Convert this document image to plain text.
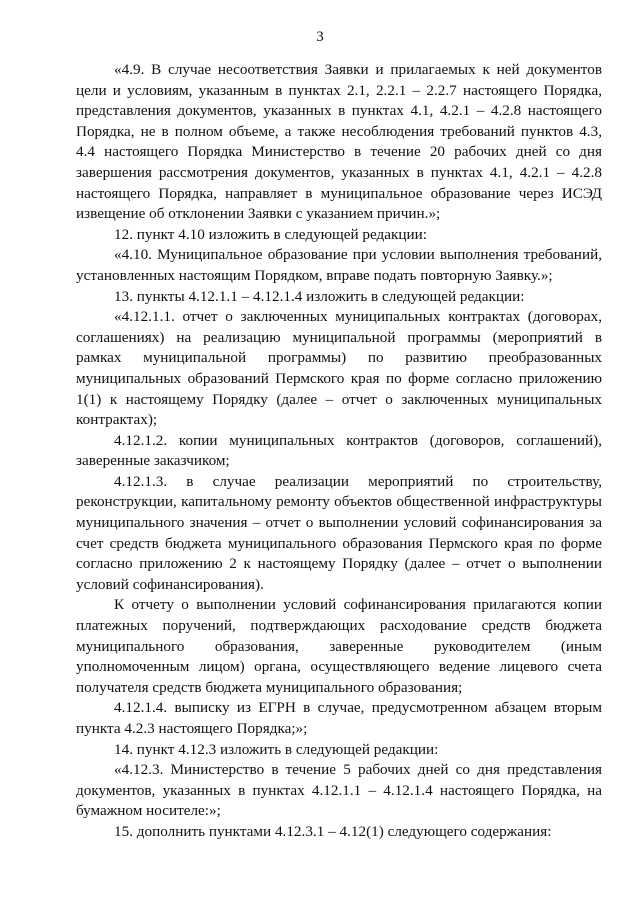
3

«4.9. В случае несоответствия Заявки и прилагаемых к ней документов цели и условиям, указанным в пунктах 2.1, 2.2.1 – 2.2.7 настоящего Порядка, представления документов, указанных в пунктах 4.1, 4.2.1 – 4.2.8 настоящего Порядка, не в полном объеме, а также несоблюдения требований пунктов 4.3, 4.4 настоящего Порядка Министерство в течение 20 рабочих дней со дня завершения рассмотрения документов, указанных в пунктах 4.1, 4.2.1 – 4.2.8 настоящего Порядка, направляет в муниципальное образование через ИСЭД извещение об отклонении Заявки с указанием причин.»;

12. пункт 4.10 изложить в следующей редакции:

«4.10. Муниципальное образование при условии выполнения требований, установленных настоящим Порядком, вправе подать повторную Заявку.»;

13. пункты 4.12.1.1 – 4.12.1.4 изложить в следующей редакции:

«4.12.1.1. отчет о заключенных муниципальных контрактах (договорах, соглашениях) на реализацию муниципальной программы (мероприятий в рамках муниципальной программы) по развитию преобразованных муниципальных образований Пермского края по форме согласно приложению 1(1) к настоящему Порядку (далее – отчет о заключенных муниципальных контрактах);

4.12.1.2. копии муниципальных контрактов (договоров, соглашений), заверенные заказчиком;

4.12.1.3. в случае реализации мероприятий по строительству, реконструкции, капитальному ремонту объектов общественной инфраструктуры муниципального значения – отчет о выполнении условий софинансирования за счет средств бюджета муниципального образования Пермского края по форме согласно приложению 2 к настоящему Порядку (далее – отчет о выполнении условий софинансирования).

К отчету о выполнении условий софинансирования прилагаются копии платежных поручений, подтверждающих расходование средств бюджета муниципального образования, заверенные руководителем (иным уполномоченным лицом) органа, осуществляющего ведение лицевого счета получателя средств бюджета муниципального образования;

4.12.1.4. выписку из ЕГРН в случае, предусмотренном абзацем вторым пункта 4.2.3 настоящего Порядка;»;

14. пункт 4.12.3 изложить в следующей редакции:

«4.12.3. Министерство в течение 5 рабочих дней со дня представления документов, указанных в пунктах 4.12.1.1 – 4.12.1.4 настоящего Порядка, на бумажном носителе:»;

15. дополнить пунктами 4.12.3.1 – 4.12(1) следующего содержания:
